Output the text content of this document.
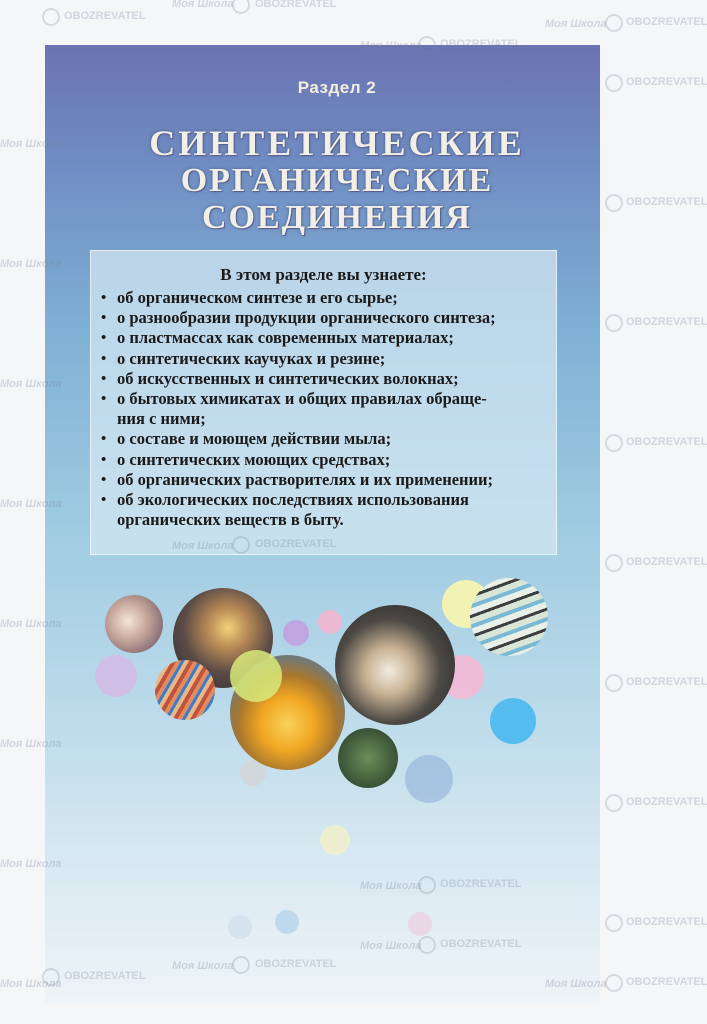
Раздел 2
СИНТЕТИЧЕСКИЕ
ОРГАНИЧЕСКИЕ
СОЕДИНЕНИЯ
В этом разделе вы узнаете:
• об органическом синтезе и его сырье;
• о разнообразии продукции органического синтеза;
• о пластмассах как современных материалах;
• о синтетических каучуках и резине;
• об искусственных и синтетических волокнах;
• о бытовых химикатах и общих правилах обраще-
ния с ними;
• о составе и моющем действии мыла;
• о синтетических моющих средствах;
• об органических растворителях и их применении;
• об экологических последствиях использования
органических веществ в быту.
Моя Школа OBOZREVATEL
OBOZREVATEL
Моя Школа OBOZREVATEL
Моя Школа
Моя Школа
Моя Школа
Моя Школа
Моя Школа
Моя Школа
Моя Школа
Моя Школа
OBOZREVATEL
OBOZREVATEL
OBOZREVATEL
OBOZREVATEL
OBOZREVATEL
OBOZREVATEL
OBOZREVATEL
OBOZREVATEL
Моя Школа OBOZREVATEL
Моя Школа OBOZREVATEL
Моя Школа OBOZREVATEL
Моя Школа OBOZREVATEL
Моя Школа OBOZREVATEL
OBOZREVATEL
Моя Школа OBOZREVATEL
